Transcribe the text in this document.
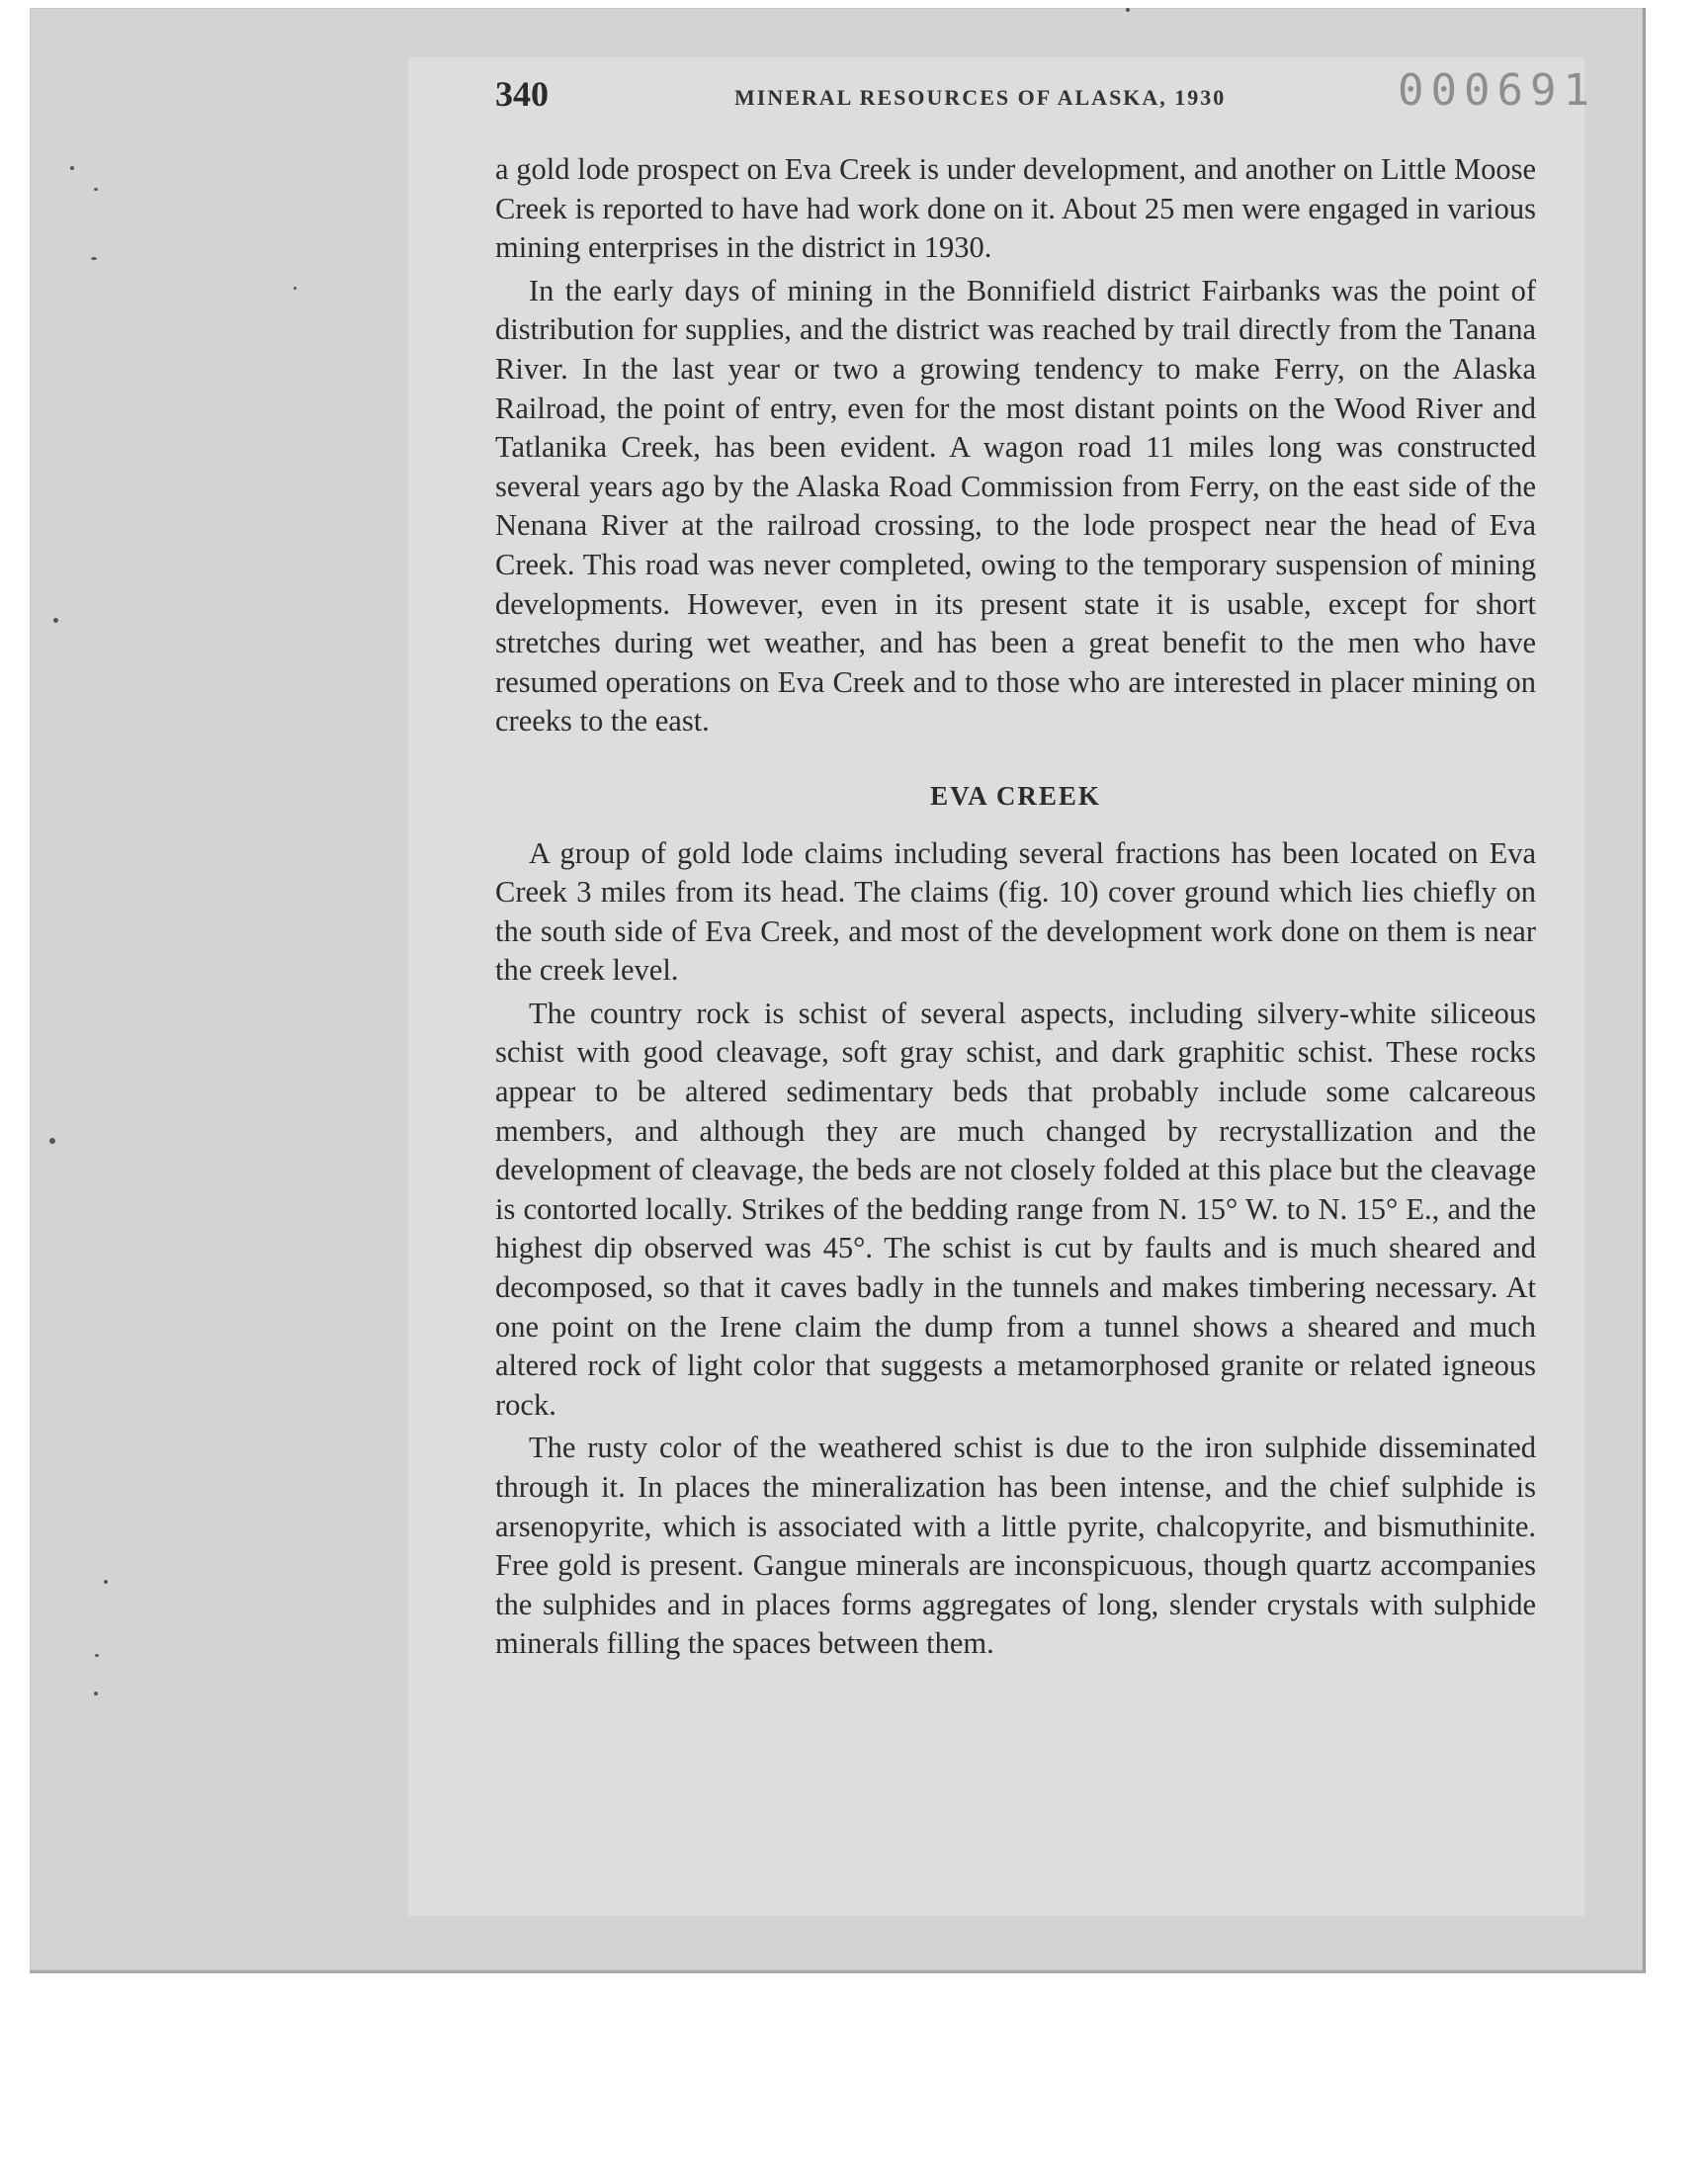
340	MINERAL RESOURCES OF ALASKA, 1930	000691

a gold lode prospect on Eva Creek is under development, and another on Little Moose Creek is reported to have had work done on it. About 25 men were engaged in various mining enterprises in the district in 1930.

In the early days of mining in the Bonnifield district Fairbanks was the point of distribution for supplies, and the district was reached by trail directly from the Tanana River. In the last year or two a growing tendency to make Ferry, on the Alaska Railroad, the point of entry, even for the most distant points on the Wood River and Tatlanika Creek, has been evident. A wagon road 11 miles long was constructed several years ago by the Alaska Road Commission from Ferry, on the east side of the Nenana River at the railroad crossing, to the lode prospect near the head of Eva Creek. This road was never completed, owing to the temporary suspension of mining developments. However, even in its present state it is usable, except for short stretches during wet weather, and has been a great benefit to the men who have resumed operations on Eva Creek and to those who are interested in placer mining on creeks to the east.

EVA CREEK

A group of gold lode claims including several fractions has been located on Eva Creek 3 miles from its head. The claims (fig. 10) cover ground which lies chiefly on the south side of Eva Creek, and most of the development work done on them is near the creek level.

The country rock is schist of several aspects, including silvery-white siliceous schist with good cleavage, soft gray schist, and dark graphitic schist. These rocks appear to be altered sedimentary beds that probably include some calcareous members, and although they are much changed by recrystallization and the development of cleavage, the beds are not closely folded at this place but the cleavage is contorted locally. Strikes of the bedding range from N. 15° W. to N. 15° E., and the highest dip observed was 45°. The schist is cut by faults and is much sheared and decomposed, so that it caves badly in the tunnels and makes timbering necessary. At one point on the Irene claim the dump from a tunnel shows a sheared and much altered rock of light color that suggests a metamorphosed granite or related igneous rock.

The rusty color of the weathered schist is due to the iron sulphide disseminated through it. In places the mineralization has been intense, and the chief sulphide is arsenopyrite, which is associated with a little pyrite, chalcopyrite, and bismuthinite. Free gold is present. Gangue minerals are inconspicuous, though quartz accompanies the sulphides and in places forms aggregates of long, slender crystals with sulphide minerals filling the spaces between them.
